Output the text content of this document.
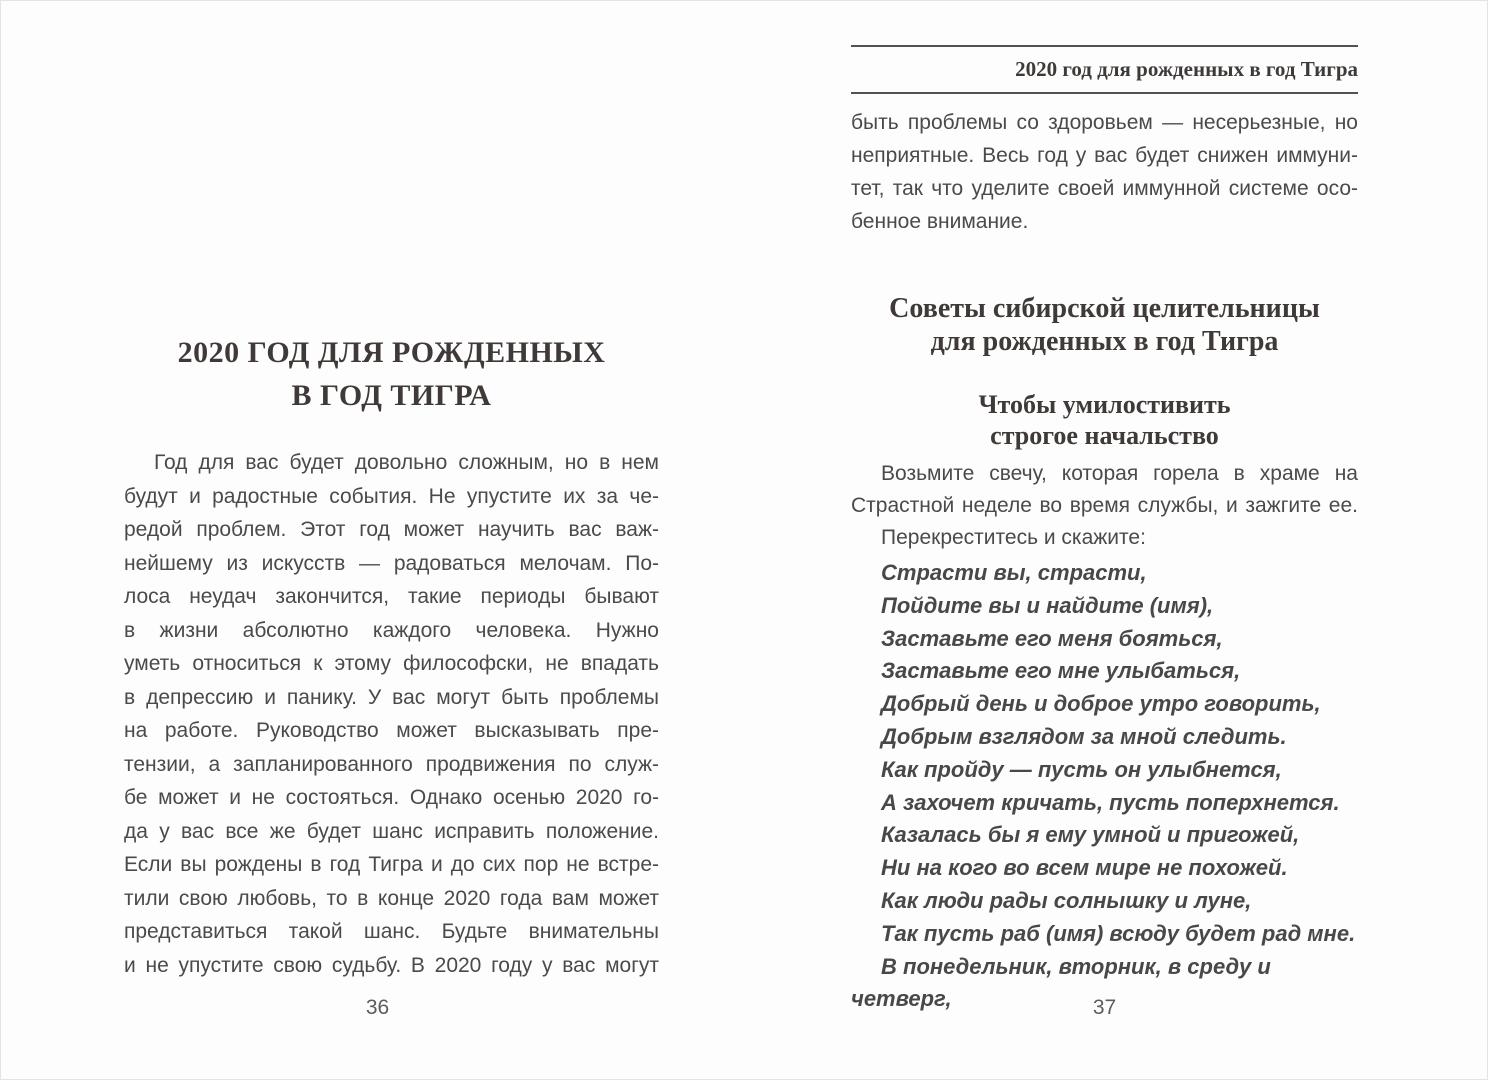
2020 ГОД ДЛЯ РОЖДЕННЫХ
В ГОД ТИГРА
Год для вас будет довольно сложным, но в нем
будут и радостные события. Не упустите их за че-
редой проблем. Этот год может научить вас важ-
нейшему из искусств — радоваться мелочам. По-
лоса неудач закончится, такие периоды бывают
в жизни абсолютно каждого человека. Нужно
уметь относиться к этому философски, не впадать
в депрессию и панику. У вас могут быть проблемы
на работе. Руководство может высказывать пре-
тензии, а запланированного продвижения по служ-
бе может и не состояться. Однако осенью 2020 го-
да у вас все же будет шанс исправить положение.
Если вы рождены в год Тигра и до сих пор не встре-
тили свою любовь, то в конце 2020 года вам может
представиться такой шанс. Будьте внимательны
и не упустите свою судьбу. В 2020 году у вас могут
36
2020 год для рожденных в год Тигра
быть проблемы со здоровьем — несерьезные, но
неприятные. Весь год у вас будет снижен иммуни-
тет, так что уделите своей иммунной системе осо-
бенное внимание.
Советы сибирской целительницы
для рожденных в год Тигра
Чтобы умилостивить
строгое начальство
Возьмите свечу, которая горела в храме на
Страстной неделе во время службы, и зажгите ее.
Перекреститесь и скажите:
Страсти вы, страсти,
Пойдите вы и найдите (имя),
Заставьте его меня бояться,
Заставьте его мне улыбаться,
Добрый день и доброе утро говорить,
Добрым взглядом за мной следить.
Как пройду — пусть он улыбнется,
А захочет кричать, пусть поперхнется.
Казалась бы я ему умной и пригожей,
Ни на кого во всем мире не похожей.
Как люди рады солнышку и луне,
Так пусть раб (имя) всюду будет рад мне.
В понедельник, вторник, в среду и четверг,	37
